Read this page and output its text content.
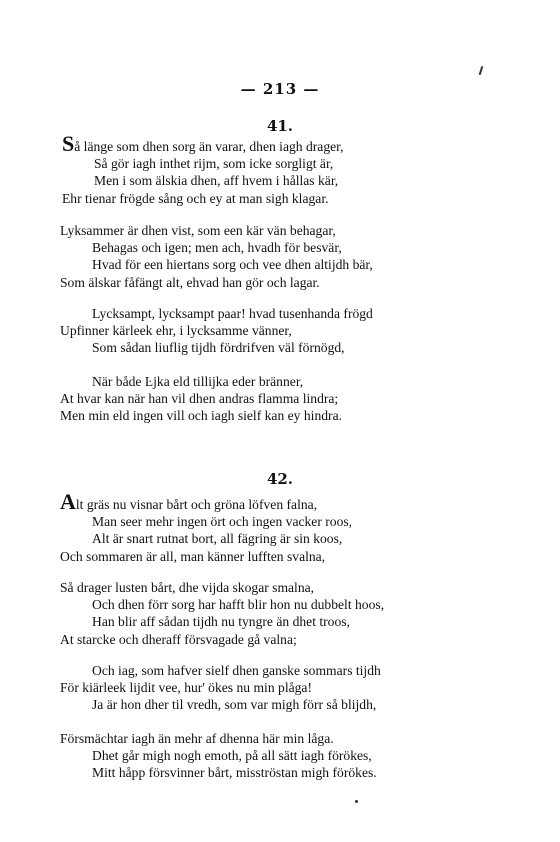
— 213 —
41.
Så länge som dhen sorg än varar, dhen iagh drager,
Så gör iagh inthet rijm, som icke sorgligt är,
Men i som älskia dhen, aff hvem i hållas kär,
Ehr tienar frögde sång och ey at man sigh klagar.
Lyksammer är dhen vist, som een kär vän behagar,
Behagas och igen; men ach, hvadh för besvär,
Hvad för een hiertans sorg och vee dhen altijdh bär,
Som älskar fåfängt alt, ehvad han gör och lagar.
Lycksampt, lycksampt paar! hvad tusenhanda frögd
Upfinner kärleek ehr, i lycksamme vänner,
Som sådan liuflig tijdh fördrifven väl förnögd,
När både Ŀjka eld tillijka eder bränner,
At hvar kan när han vil dhen andras flamma lindra;
Men min eld ingen vill och iagh sielf kan ey hindra.
42.
Alt gräs nu visnar bårt och gröna löfven falna,
Man seer mehr ingen ört och ingen vacker roos,
Alt är snart rutnat bort, all fägring är sin koos,
Och sommaren är all, man känner lufften svalna,
Så drager lusten bårt, dhe vijda skogar smalna,
Och dhen förr sorg har hafft blir hon nu dubbelt hoos,
Han blir aff sådan tijdh nu tyngre än dhet troos,
At starcke och dheraff försvagade gå valna;
Och iag, som hafver sielf dhen ganske sommars tijdh
För kiärleek lijdit vee, hur' ökes nu min plåga!
Ja är hon dher til vredh, som var migh förr så blijdh,
Försmächtar iagh än mehr af dhenna här min låga.
Dhet går migh nogh emoth, på all sätt iagh förökes,
Mitt håpp försvinner bårt, misströstan migh förökes.
